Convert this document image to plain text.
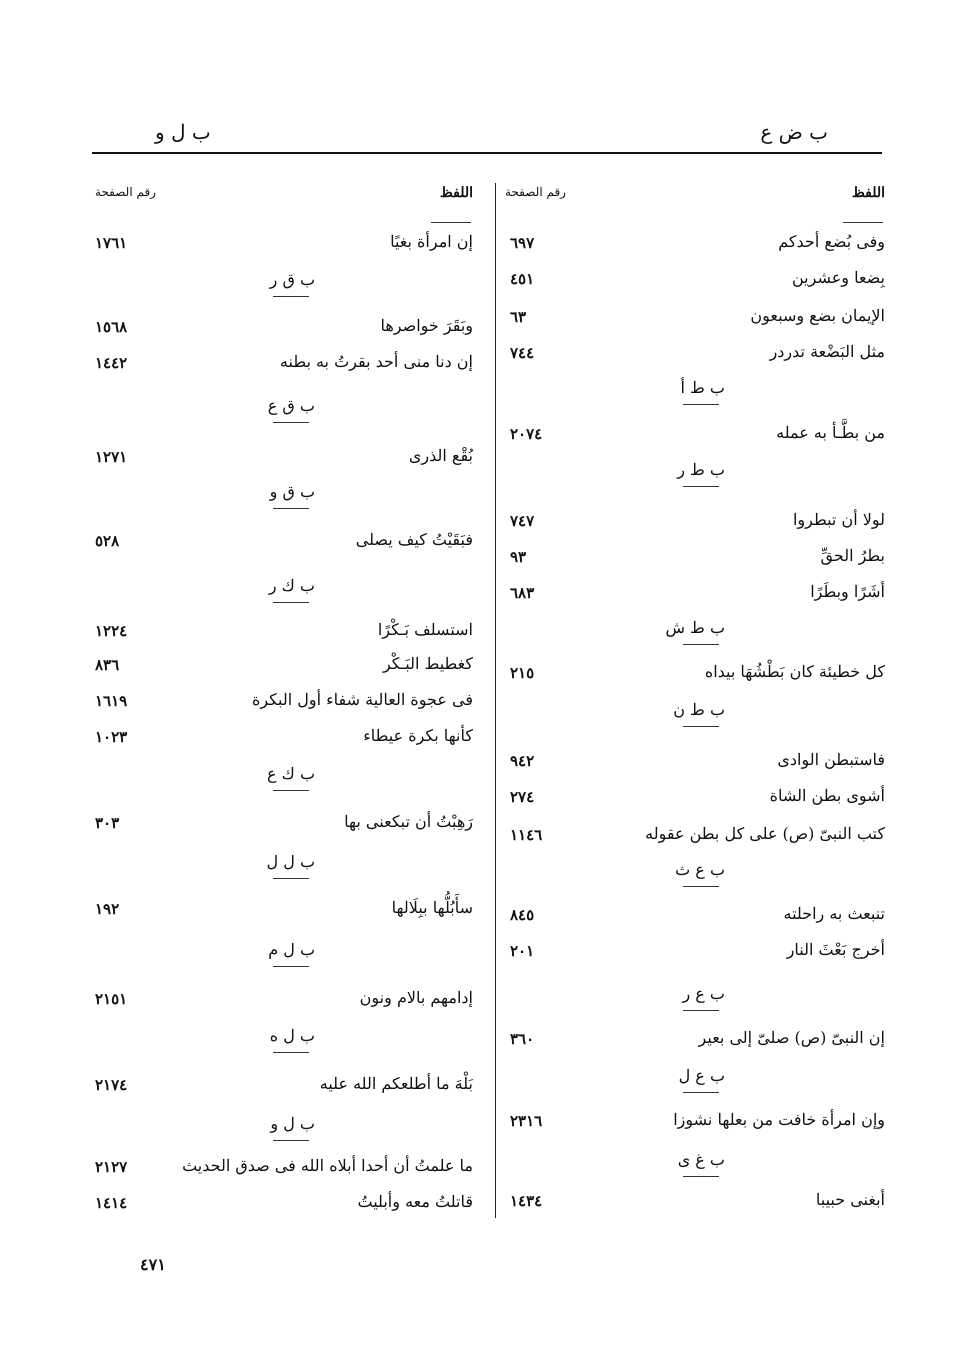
ب ض ع
ب ل و
اللفظ
رقم الصفحة
وفى بُضع أحدكم
٦٩٧
بِضعا وعشرين
٤٥١
الإيمان بضع وسبعون
٦٣
مثل البَضْعة تدردر
٧٤٤
ب ط أ
من بطَّـأ به عمله
٢٠٧٤
ب ط ر
لولا أن تبطروا
٧٤٧
بطرُ الحقِّ
٩٣
أشَرًا وبطَرًا
٦٨٣
ب ط ش
كل خطيئة كان بَطْشُهَا بيداه
٢١٥
ب ط ن
فاستبطن الوادى
٩٤٢
أشوى بطن الشاة
٢٧٤
كتب النبىّ (ص) على كل بطن عقوله
١١٤٦
ب ع ث
تنبعث به راحلته
٨٤٥
أخرج بَعْثَ النار
٢٠١
ب ع ر
إن النبىّ (ص) صلىّ إلى بعير
٣٦٠
ب ع ل
وإن امرأة خافت من بعلها نشوزا
٢٣١٦
ب غ ى
أبغنى حبيبا
١٤٣٤
اللفظ
رقم الصفحة
إن امرأة بغيًا
١٧٦١
ب ق ر
وبَقَرَ خواصرها
١٥٦٨
إن دنا منى أحد بقرتُ به بطنه
١٤٤٢
ب ق ع
بُقْع الذرى
١٢٧١
ب ق و
فبَقَيْتُ كيف يصلى
٥٢٨
ب ك ر
استسلف بَـكْرًا
١٢٢٤
كغطيط البَـكْر
٨٣٦
فى عجوة العالية شفاء أول البكرة
١٦١٩
كأنها بكرة عيطاء
١٠٢٣
ب ك ع
رَهِبْتُ أن تبكعنى بها
٣٠٣
ب ل ل
سأَبُلُّها ببِلَالها
١٩٢
ب ل م
إدامهم بالام ونون
٢١٥١
ب ل ه
بَلْهَ ما أطلعكم الله عليه
٢١٧٤
ب ل و
ما علمتُ أن أحدا أبلاه الله فى صدق الحديث
٢١٢٧
قاتلتُ معه وأبليتُ
١٤١٤
٤٧١
